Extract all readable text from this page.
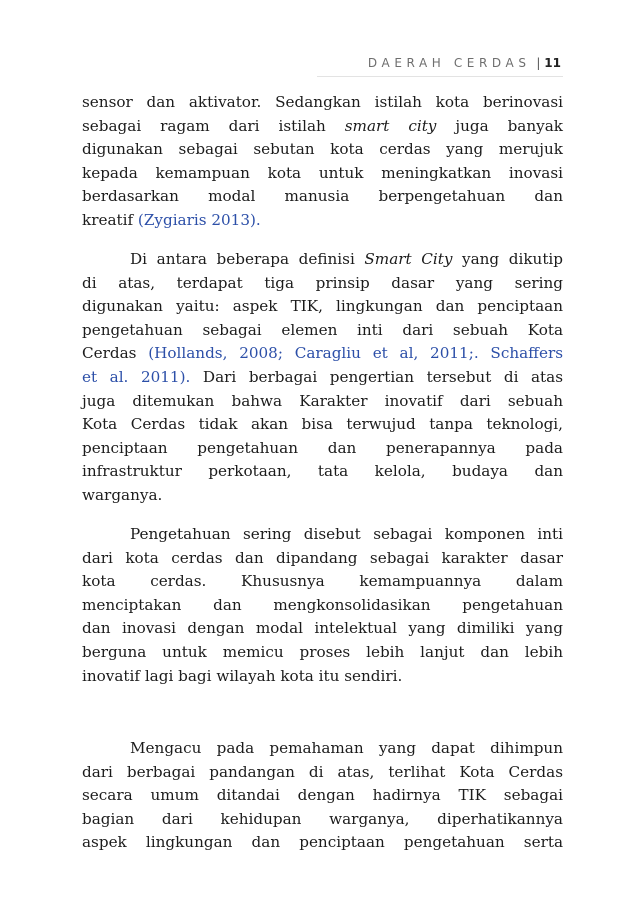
DAERAH CERDAS | 11
sensor dan aktivator. Sedangkan istilah kota berinovasi
sebagai ragam dari istilah smart city juga banyak
digunakan sebagai sebutan kota cerdas yang merujuk
kepada kemampuan kota untuk meningkatkan inovasi
berdasarkan modal manusia berpengetahuan dan
kreatif (Zygiaris 2013).
Di antara beberapa definisi Smart City yang dikutip
di atas, terdapat tiga prinsip dasar yang sering
digunakan yaitu: aspek TIK, lingkungan dan penciptaan
pengetahuan sebagai elemen inti dari sebuah Kota
Cerdas (Hollands, 2008; Caragliu et al, 2011;. Schaffers
et al. 2011). Dari berbagai pengertian tersebut di atas
juga ditemukan bahwa Karakter inovatif dari sebuah
Kota Cerdas tidak akan bisa terwujud tanpa teknologi,
penciptaan pengetahuan dan penerapannya pada
infrastruktur perkotaan, tata kelola, budaya dan
warganya.
Pengetahuan sering disebut sebagai komponen inti
dari kota cerdas dan dipandang sebagai karakter dasar
kota cerdas. Khususnya kemampuannya dalam
menciptakan dan mengkonsolidasikan pengetahuan
dan inovasi dengan modal intelektual yang dimiliki yang
berguna untuk memicu proses lebih lanjut dan lebih
inovatif lagi bagi wilayah kota itu sendiri.
Mengacu pada pemahaman yang dapat dihimpun
dari berbagai pandangan di atas, terlihat Kota Cerdas
secara umum ditandai dengan hadirnya TIK sebagai
bagian dari kehidupan warganya, diperhatikannya
aspek lingkungan dan penciptaan pengetahuan serta
